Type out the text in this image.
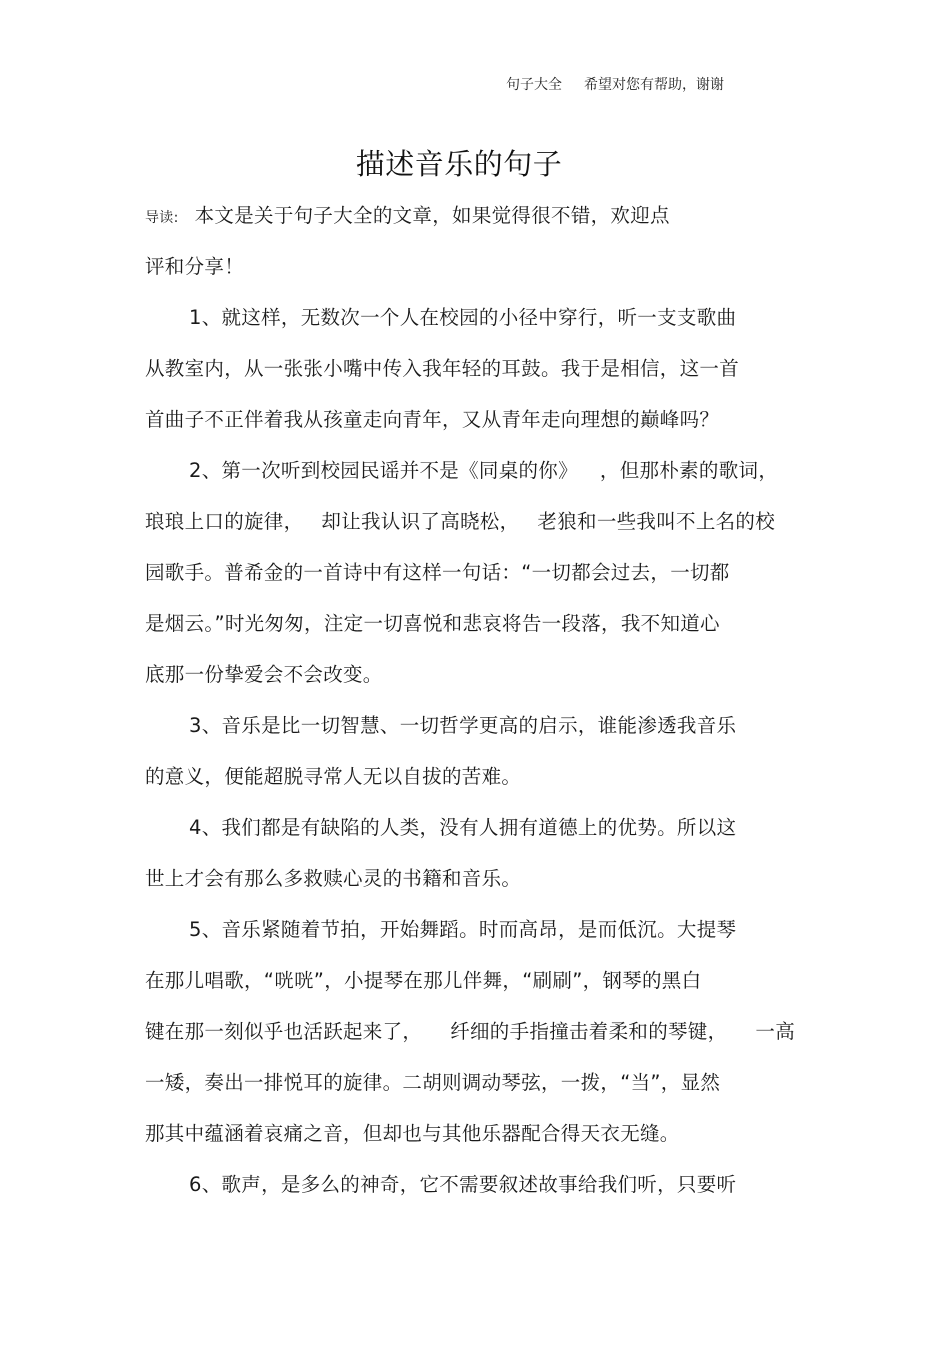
句子大全 希望对您有帮助，谢谢
描述音乐的句子
导读: 本文是关于句子大全的文章，如果觉得很不错，欢迎点
评和分享！
1、就这样，无数次一个人在校园的小径中穿行，听一支支歌曲
从教室内，从一张张小嘴中传入我年轻的耳鼓。我于是相信，这一首
首曲子不正伴着我从孩童走向青年，又从青年走向理想的巅峰吗？
2、第一次听到校园民谣并不是《同桌的你》 ，但那朴素的歌词，
琅琅上口的旋律， 却让我认识了高晓松， 老狼和一些我叫不上名的校
园歌手。普希金的一首诗中有这样一句话：“一切都会过去，一切都
是烟云。”时光匆匆，注定一切喜悦和悲哀将告一段落，我不知道心
底那一份挚爱会不会改变。
3、音乐是比一切智慧、一切哲学更高的启示，谁能渗透我音乐
的意义，便能超脱寻常人无以自拔的苦难。
4、我们都是有缺陷的人类，没有人拥有道德上的优势。所以这
世上才会有那么多救赎心灵的书籍和音乐。
5、音乐紧随着节拍，开始舞蹈。时而高昂，是而低沉。大提琴
在那儿唱歌，“咣咣”，小提琴在那儿伴舞，“刷刷”，钢琴的黑白
键在那一刻似乎也活跃起来了， 纤细的手指撞击着柔和的琴键， 一高
一矮，奏出一排悦耳的旋律。二胡则调动琴弦，一拨，“当”，显然
那其中蕴涵着哀痛之音，但却也与其他乐器配合得天衣无缝。
6、歌声，是多么的神奇，它不需要叙述故事给我们听，只要听
